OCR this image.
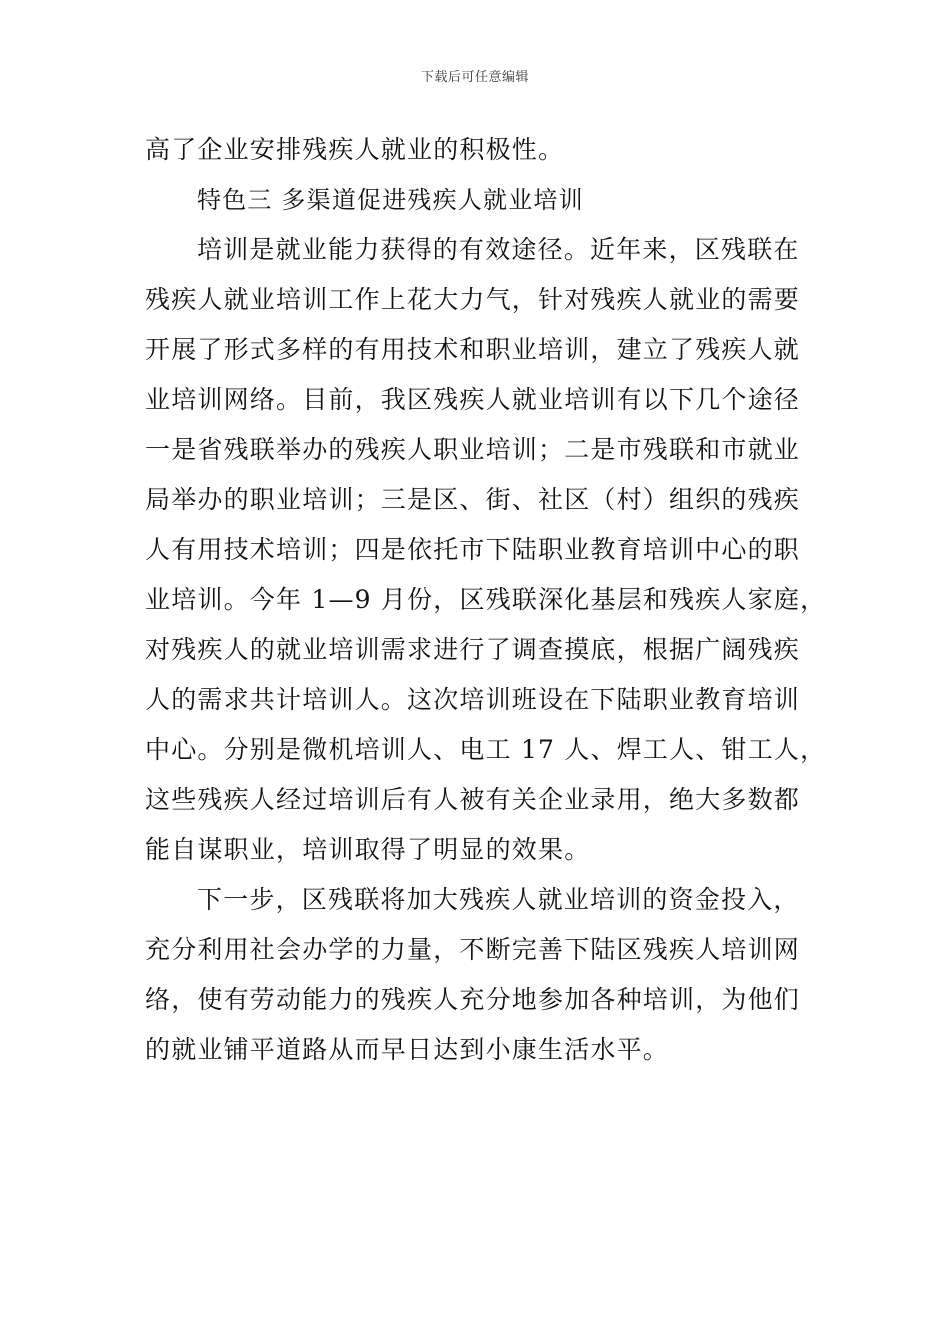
下载后可任意编辑
高了企业安排残疾人就业的积极性。
特色三 多渠道促进残疾人就业培训
培训是就业能力获得的有效途径。近年来，区残联在
残疾人就业培训工作上花大力气，针对残疾人就业的需要
开展了形式多样的有用技术和职业培训，建立了残疾人就
业培训网络。目前，我区残疾人就业培训有以下几个途径
一是省残联举办的残疾人职业培训；二是市残联和市就业
局举办的职业培训；三是区、街、社区（村）组织的残疾
人有用技术培训；四是依托市下陆职业教育培训中心的职
业培训。今年 1—9 月份，区残联深化基层和残疾人家庭，
对残疾人的就业培训需求进行了调查摸底，根据广阔残疾
人的需求共计培训人。这次培训班设在下陆职业教育培训
中心。分别是微机培训人、电工 17 人、焊工人、钳工人，
这些残疾人经过培训后有人被有关企业录用，绝大多数都
能自谋职业，培训取得了明显的效果。
下一步，区残联将加大残疾人就业培训的资金投入，
充分利用社会办学的力量，不断完善下陆区残疾人培训网
络，使有劳动能力的残疾人充分地参加各种培训，为他们
的就业铺平道路从而早日达到小康生活水平。
